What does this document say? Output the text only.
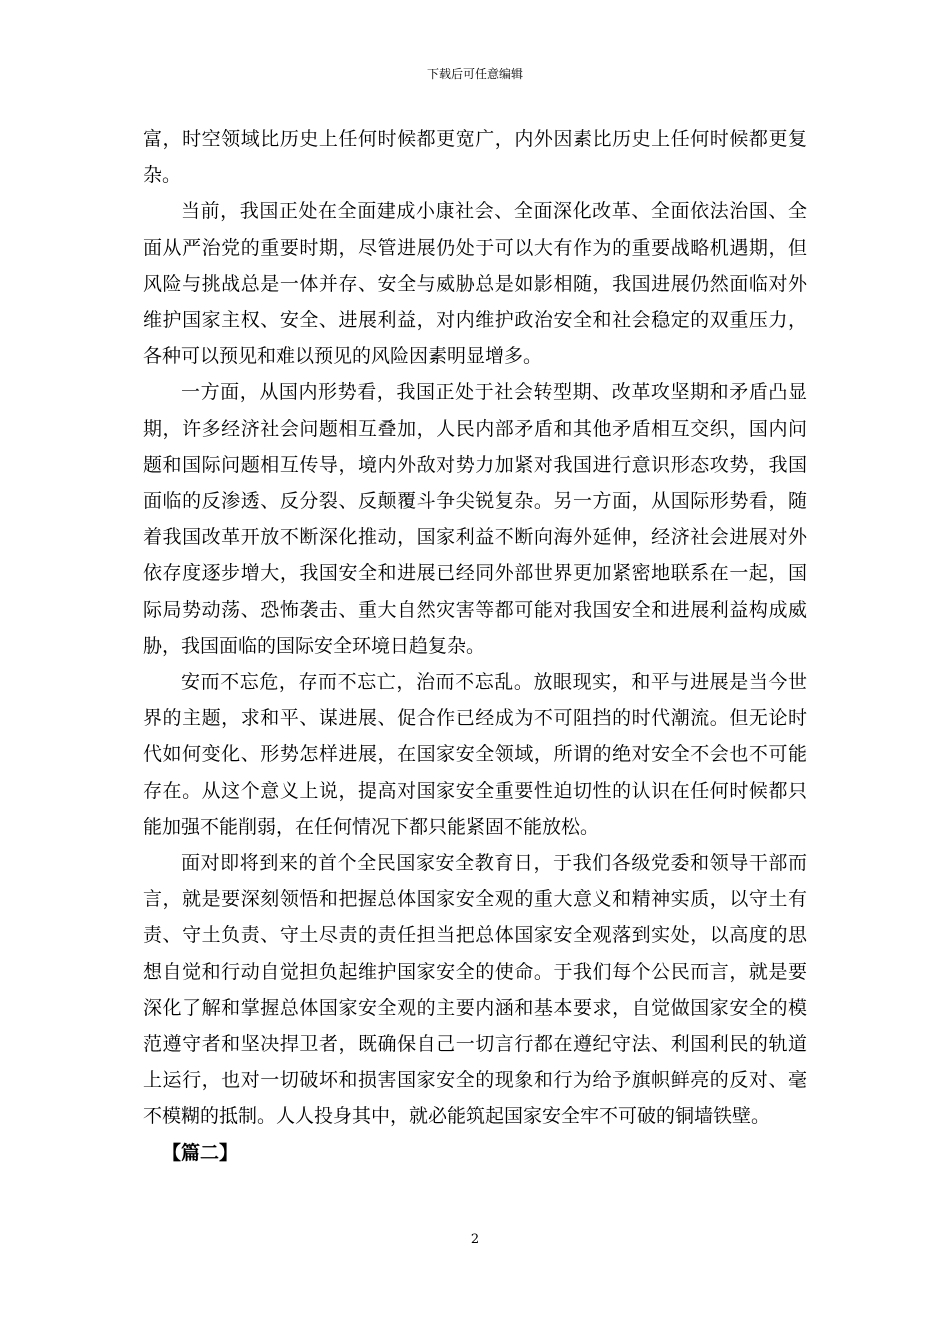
下载后可任意编辑

富，时空领域比历史上任何时候都更宽广，内外因素比历史上任何时候都更复杂。

当前，我国正处在全面建成小康社会、全面深化改革、全面依法治国、全面从严治党的重要时期，尽管进展仍处于可以大有作为的重要战略机遇期，但风险与挑战总是一体并存、安全与威胁总是如影相随，我国进展仍然面临对外维护国家主权、安全、进展利益，对内维护政治安全和社会稳定的双重压力，各种可以预见和难以预见的风险因素明显增多。

一方面，从国内形势看，我国正处于社会转型期、改革攻坚期和矛盾凸显期，许多经济社会问题相互叠加，人民内部矛盾和其他矛盾相互交织，国内问题和国际问题相互传导，境内外敌对势力加紧对我国进行意识形态攻势，我国面临的反渗透、反分裂、反颠覆斗争尖锐复杂。另一方面，从国际形势看，随着我国改革开放不断深化推动，国家利益不断向海外延伸，经济社会进展对外依存度逐步增大，我国安全和进展已经同外部世界更加紧密地联系在一起，国际局势动荡、恐怖袭击、重大自然灾害等都可能对我国安全和进展利益构成威胁，我国面临的国际安全环境日趋复杂。

安而不忘危，存而不忘亡，治而不忘乱。放眼现实，和平与进展是当今世界的主题，求和平、谋进展、促合作已经成为不可阻挡的时代潮流。但无论时代如何变化、形势怎样进展，在国家安全领域，所谓的绝对安全不会也不可能存在。从这个意义上说，提高对国家安全重要性迫切性的认识在任何时候都只能加强不能削弱，在任何情况下都只能紧固不能放松。

面对即将到来的首个全民国家安全教育日，于我们各级党委和领导干部而言，就是要深刻领悟和把握总体国家安全观的重大意义和精神实质，以守土有责、守土负责、守土尽责的责任担当把总体国家安全观落到实处，以高度的思想自觉和行动自觉担负起维护国家安全的使命。于我们每个公民而言，就是要深化了解和掌握总体国家安全观的主要内涵和基本要求，自觉做国家安全的模范遵守者和坚决捍卫者，既确保自己一切言行都在遵纪守法、利国利民的轨道上运行，也对一切破坏和损害国家安全的现象和行为给予旗帜鲜亮的反对、毫不模糊的抵制。人人投身其中，就必能筑起国家安全牢不可破的铜墙铁壁。

【篇二】

2
